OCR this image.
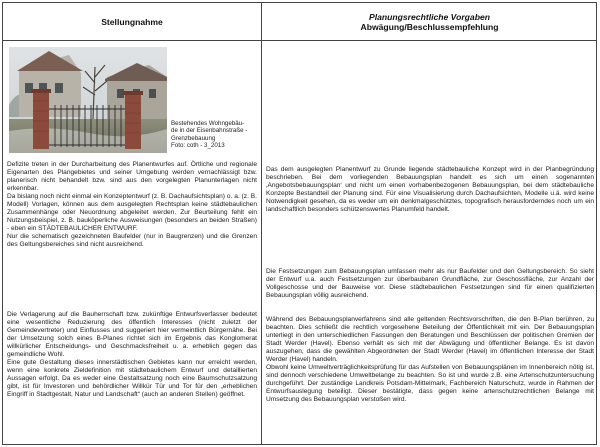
Stellungnahme	Planungsrechtliche Vorgaben
Abwägung/Beschlussempfehlung
Bestehendes Wohngebäu-
de in der Eisenbahnstraße -
Grenzbebauung
Foto: coth - 3_2013

Defizite treten in der Durcharbeitung des Planentwurfes auf. Örtliche und regionale Eigenarten des Plangebietes und seiner Umgebung werden vernachlässigt bzw. planerisch nicht behandelt bzw. sind aus den vorgelegten Planunterlagen nicht erkennbar.

Da bislang noch nicht einmal ein Konzeptentwurf (z. B. Dachaufsichtsplan) o. a. (z. B. Modell) Vorlagen, können aus dem ausgelegten Rechtsplan keine städtebaulichen Zusammenhänge oder Neuordnung abgeleitet werden. Zur Beurteilung fehlt ein Nutzungsbeispiel, z. B. bauköperliche Ausweisungen (besonders an beiden Straßen) - eben ein STÄDTEBAULICHER ENTWURF.

Nur die schematisch gezeichneten Baufelder (nur in Baugrenzen) und die Grenzen des Geltungsbereiches sind nicht ausreichend.

Die Verlagerung auf die Bauherrschaft bzw. zukünftige Entwurfsverfasser bedeutet eine wesentliche Reduzierung des öffentlich Interesses (nicht zuletzt der Gemeindevertreter) und Einflusses und suggeriert hier vermeintlich Bürgernähe. Bei der Umsetzung solch eines B-Planes richtet sich im Ergebnis das Konglomerat willkürlicher Entscheidungs- und Geschmacksfreiheit u. a. erheblich gegen das gemeindliche Wohl.

Eine gute Gestaltung dieses innerstädtischen Gebietes kann nur erreicht werden, wenn eine konkrete Zieldefinition mit städtebaulichem Entwurf und detaillierten Aussagen erfolgt. Da es weder eine Gestaltsatzung noch eine Baumschutzsatzung gibt, ist für Investoren und behördlicher Willkür Tür und Tor für den „erheblichen Eingriff in Stadtgestalt, Natur und Landschaft“ (auch an anderen Stellen) geöffnet.

Das dem ausgelegten Planentwurf zu Grunde liegende städtebauliche Konzept wird in der Planbegründung beschrieben. Bei dem vorliegenden Bebauungsplan handelt es sich um einen sogenannten ‚Angebotsbebauungsplan‘ und nicht um einen vorhabenbezogenen Bebauungsplan, bei dem städtebauliche Konzepte Bestandteil der Planung sind. Für eine Visualisierung durch Dachaufsichten, Modelle u.ä. wird keine Notwendigkeit gesehen, da es weder um ein denkmalgeschütztes, topografisch herausforderndes noch um ein landschaftlich besonders schützenswertes Planumfeld handelt.

Die Festsetzungen zum Bebauungsplan umfassen mehr als nur Baufelder und den Geltungsbereich. So sieht der Entwurf u.a. auch Festsetzungen zur überbaubaren Grundfläche, zur Geschossfläche, zur Anzahl der Vollgeschosse und der Bauweise vor. Diese städtebaulichen Festsetzungen sind für einen qualifizierten Bebauungsplan völlig ausreichend.

Während des Bebauungsplanverfahrens sind alle geltenden Rechtsvorschriften, die den B-Plan berühren, zu beachten. Dies schließt die rechtlich vorgesehene Beteilung der Öffentlichkeit mit ein. Der Bebauungsplan unterliegt in den unterschiedlichen Fassungen den Beratungen und Beschlüssen der politischen Gremien der Stadt Werder (Havel). Ebenso verhält es sich mit der Abwägung und öffentlicher Belange. Es ist davon auszugehen, dass die gewählten Abgeordneten der Stadt Werder (Havel) im öffentlichen Interesse der Stadt Werder (Havel) handeln.

Obwohl keine Umweltverträglichkeitsprüfung für das Aufstellen von Bebauungsplänen im Innenbereich nötig ist, sind dennoch verschiedene Umweltbelange zu beachten. So ist und wurde z.B. eine Artenschutzuntersuchung durchgeführt. Der zuständige Landkreis Potsdam-Mittelmark, Fachbereich Naturschutz, wurde in Rahmen der Entwurfsauslegung beteiligt. Dieser bestätigte, dass gegen keine artenschutzrechtlichen Belange mit Umsetzung des Bebauungsplan verstoßen wird.
